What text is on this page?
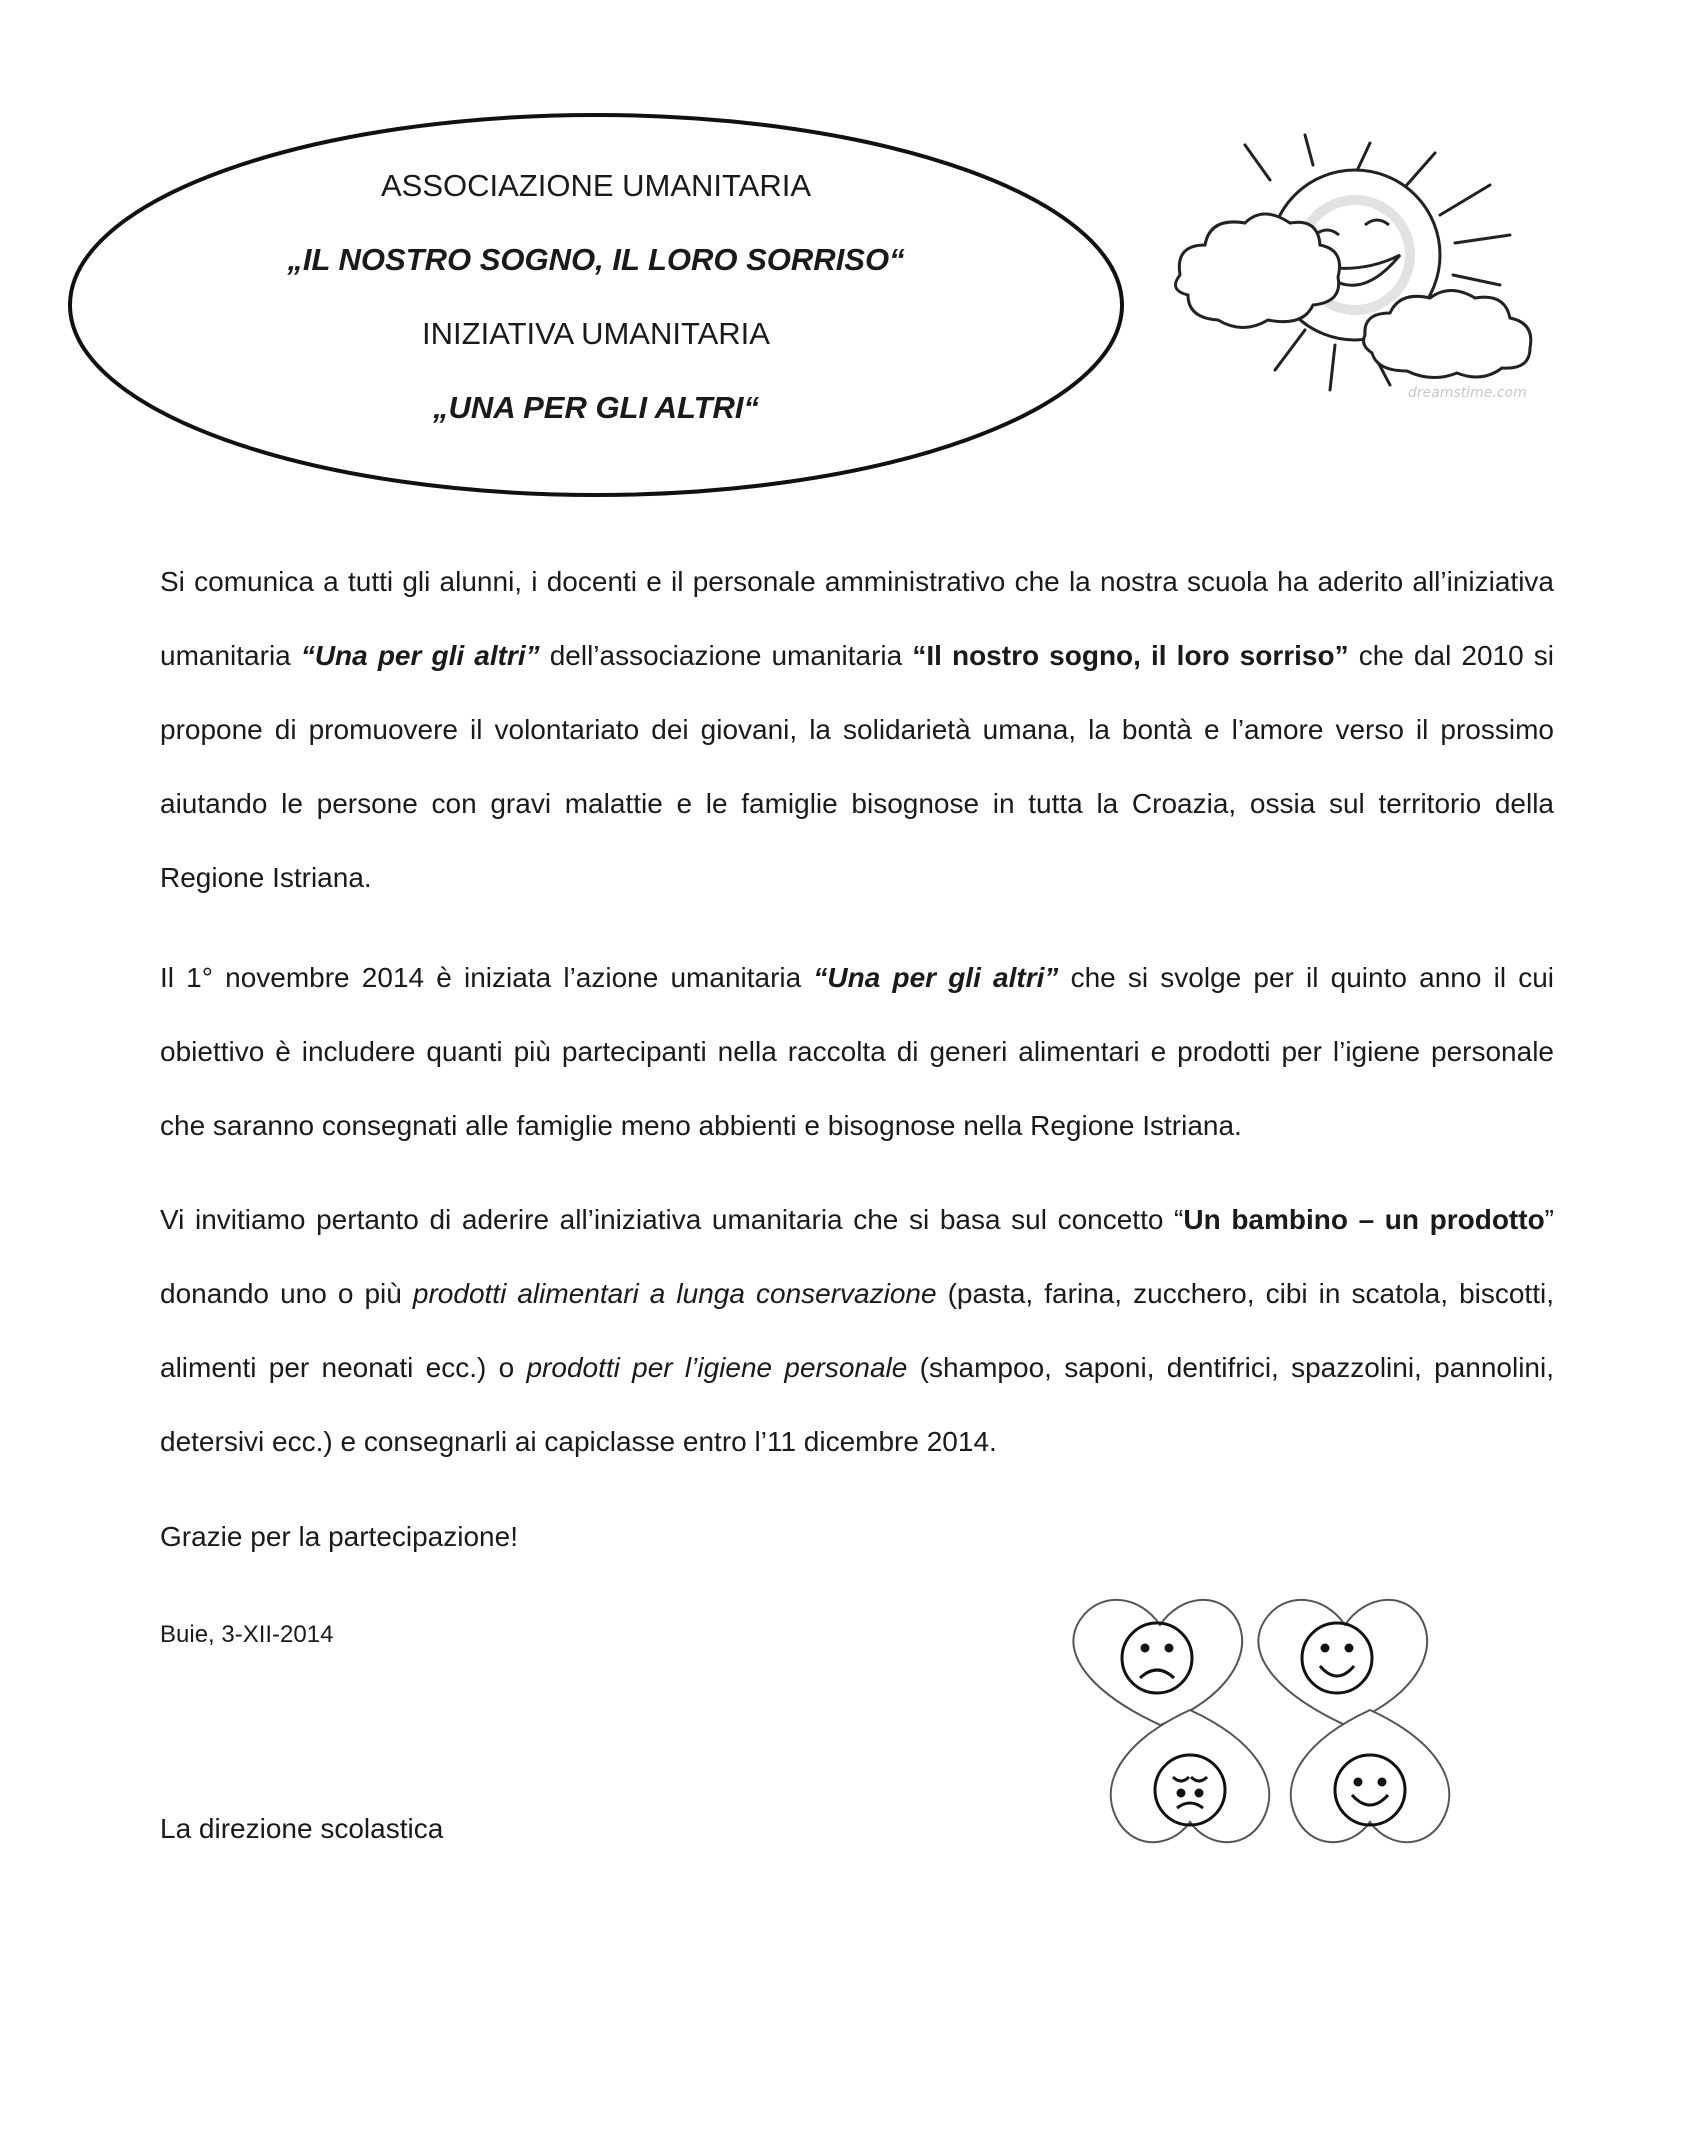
ASSOCIAZIONE UMANITARIA
„IL NOSTRO SOGNO, IL LORO SORRISO“
INIZIATIVA UMANITARIA
„UNA PER GLI ALTRI“	dreamstime.com

Si comunica a tutti gli alunni, i docenti e il personale amministrativo che la nostra scuola ha aderito all’iniziativa umanitaria “Una per gli altri” dell’associazione umanitaria “Il nostro sogno, il loro sorriso” che dal 2010 si propone di promuovere il volontariato dei giovani, la solidarietà umana, la bontà e l’amore verso il prossimo aiutando le persone con gravi malattie e le famiglie bisognose in tutta la Croazia, ossia sul territorio della Regione Istriana.

Il 1° novembre 2014 è iniziata l’azione umanitaria “Una per gli altri” che si svolge per il quinto anno il cui obiettivo è includere quanti più partecipanti nella raccolta di generi alimentari e prodotti per l’igiene personale che saranno consegnati alle famiglie meno abbienti e bisognose nella Regione Istriana.

Vi invitiamo pertanto di aderire all’iniziativa umanitaria che si basa sul concetto “Un bambino – un prodotto” donando uno o più prodotti alimentari a lunga conservazione (pasta, farina, zucchero, cibi in scatola, biscotti, alimenti per neonati ecc.) o prodotti per l’igiene personale (shampoo, saponi, dentifrici, spazzolini, pannolini, detersivi ecc.) e consegnarli ai capiclasse entro l’11 dicembre 2014.

Grazie per la partecipazione!
Buie, 3-XII-2014
La direzione scolastica
